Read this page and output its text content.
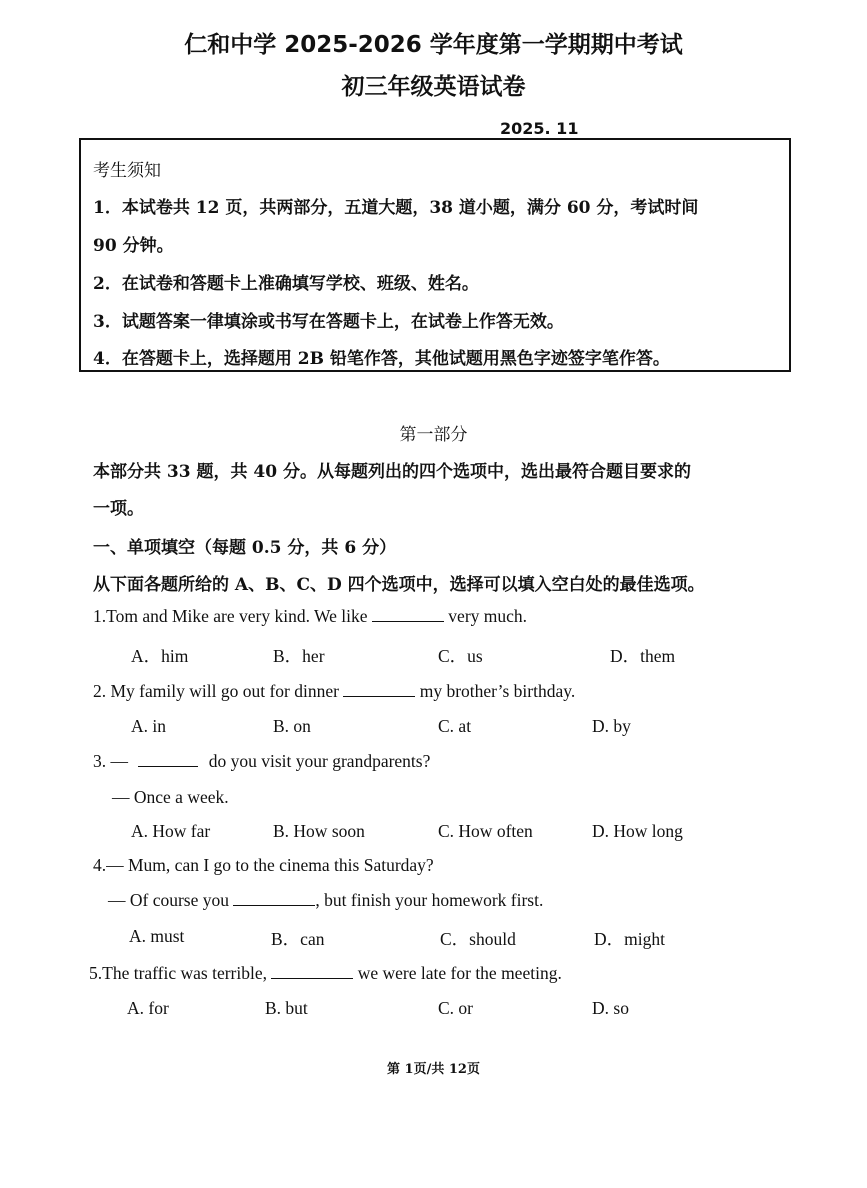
仁和中学 2025-2026 学年度第一学期期中考试
初三年级英语试卷
2025. 11
考生须知
1．本试卷共 12 页，共两部分，五道大题，38 道小题，满分 60 分，考试时间
90 分钟。
2．在试卷和答题卡上准确填写学校、班级、姓名。
3．试题答案一律填涂或书写在答题卡上，在试卷上作答无效。
4．在答题卡上，选择题用 2B 铅笔作答，其他试题用黑色字迹签字笔作答。
第一部分
本部分共 33 题，共 40 分。从每题列出的四个选项中，选出最符合题目要求的
一项。
一、单项填空（每题 0.5 分，共 6 分）
从下面各题所给的 A、B、C、D 四个选项中，选择可以填入空白处的最佳选项。
1.Tom and Mike are very kind. We like	very much.
A．him	B．her	C．us	D．them
2. My family will go out for dinner	my brother’s birthday.
A. in	B. on	C. at	D. by
3. —	do you visit your grandparents?
— Once a week.
A. How far	B. How soon	C. How often	D. How long
4.— Mum, can I go to the cinema this Saturday?
— Of course you	, but finish your homework first.
A. must	B．can	C．should	D．might
5.The traffic was terrible,	we were late for the meeting.
A. for	B. but	C. or	D. so
第 1页/共 12页
